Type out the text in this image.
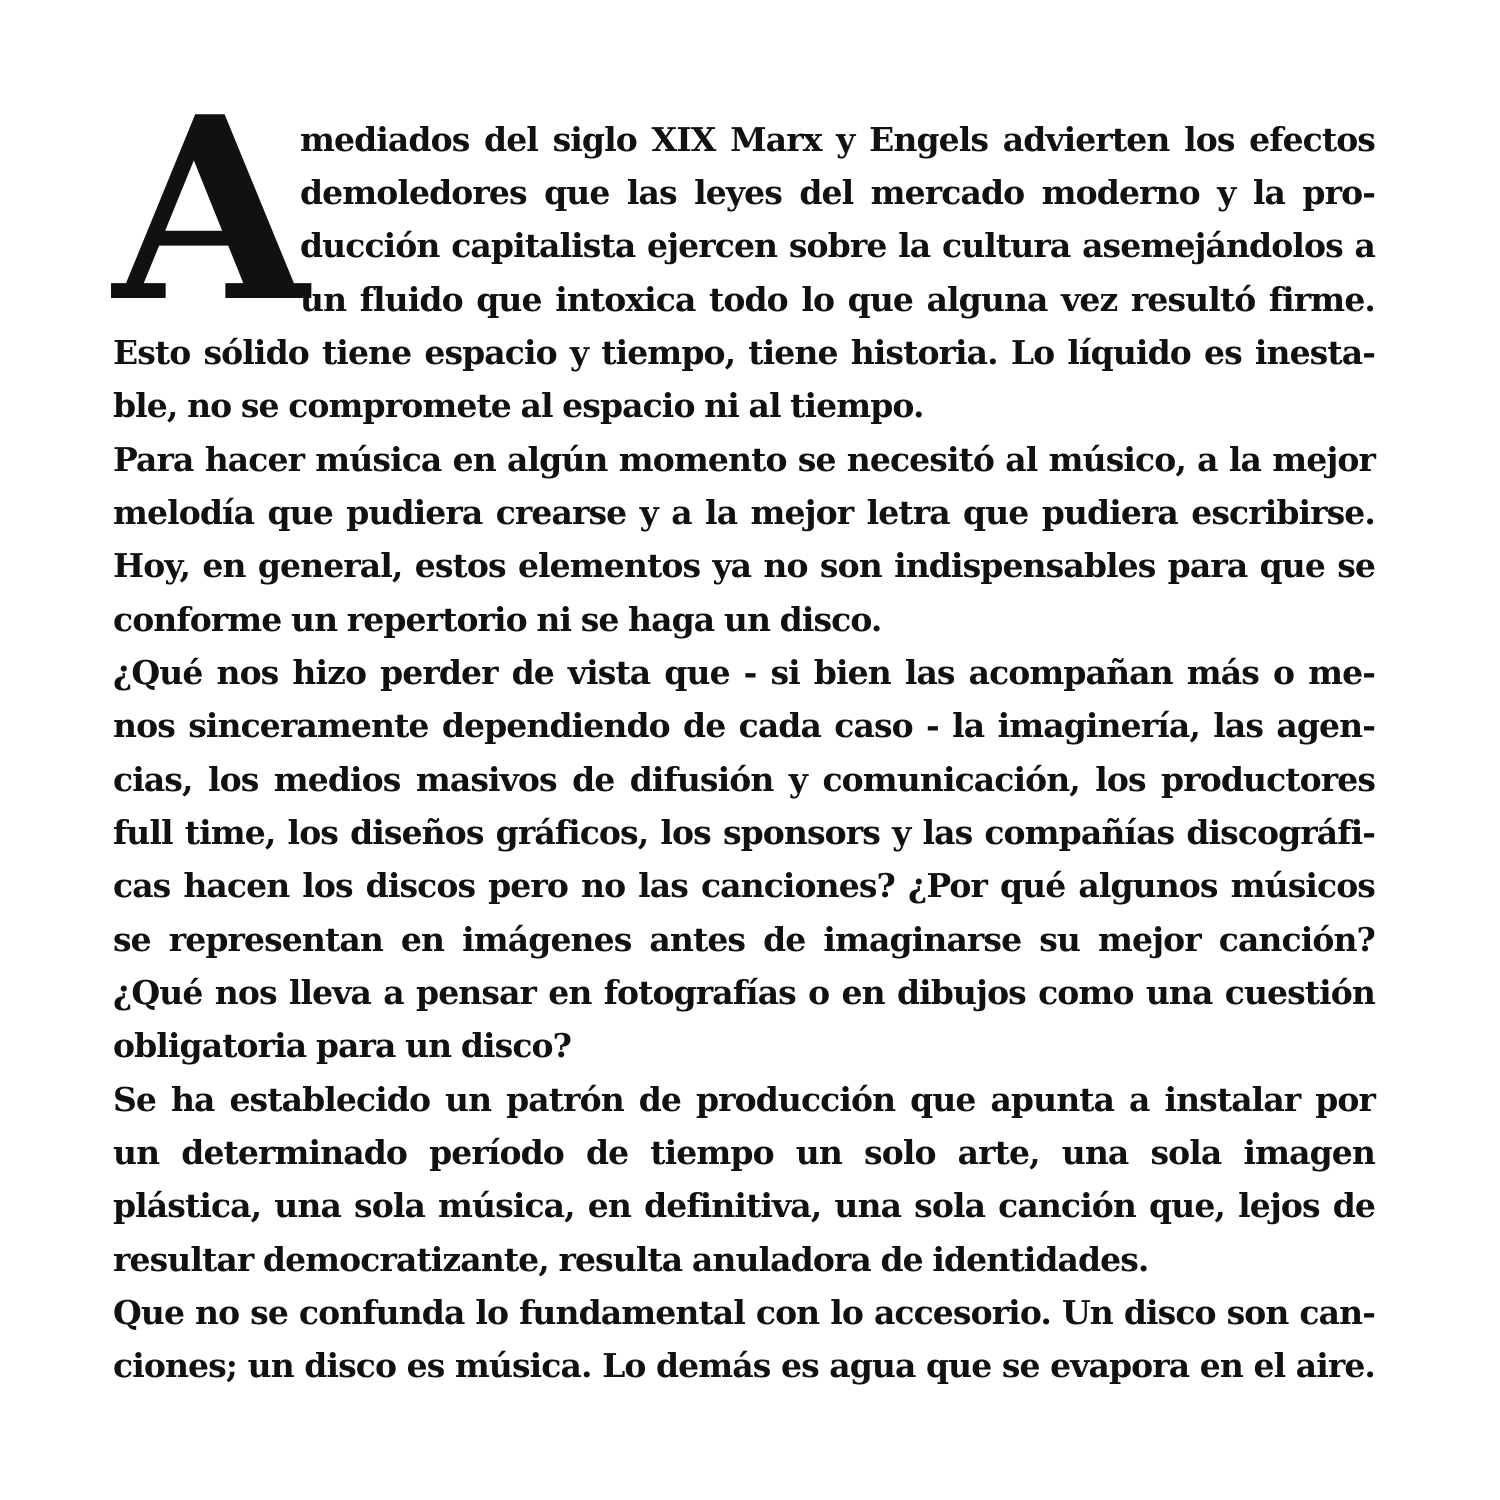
A
mediados del siglo XIX Marx y Engels advierten los efectos
demoledores que las leyes del mercado moderno y la pro-
ducción capitalista ejercen sobre la cultura asemejándolos a
un fluido que intoxica todo lo que alguna vez resultó firme.
Esto sólido tiene espacio y tiempo, tiene historia. Lo líquido es inesta-
ble, no se compromete al espacio ni al tiempo.
Para hacer música en algún momento se necesitó al músico, a la mejor
melodía que pudiera crearse y a la mejor letra que pudiera escribirse.
Hoy, en general, estos elementos ya no son indispensables para que se
conforme un repertorio ni se haga un disco.
¿Qué nos hizo perder de vista que - si bien las acompañan más o me-
nos sinceramente dependiendo de cada caso - la imaginería, las agen-
cias, los medios masivos de difusión y comunicación, los productores
full time, los diseños gráficos, los sponsors y las compañías discográfi-
cas hacen los discos pero no las canciones? ¿Por qué algunos músicos
se representan en imágenes antes de imaginarse su mejor canción?
¿Qué nos lleva a pensar en fotografías o en dibujos como una cuestión
obligatoria para un disco?
Se ha establecido un patrón de producción que apunta a instalar por
un determinado período de tiempo un solo arte, una sola imagen
plástica, una sola música, en definitiva, una sola canción que, lejos de
resultar democratizante, resulta anuladora de identidades.
Que no se confunda lo fundamental con lo accesorio. Un disco son can-
ciones; un disco es música. Lo demás es agua que se evapora en el aire.
